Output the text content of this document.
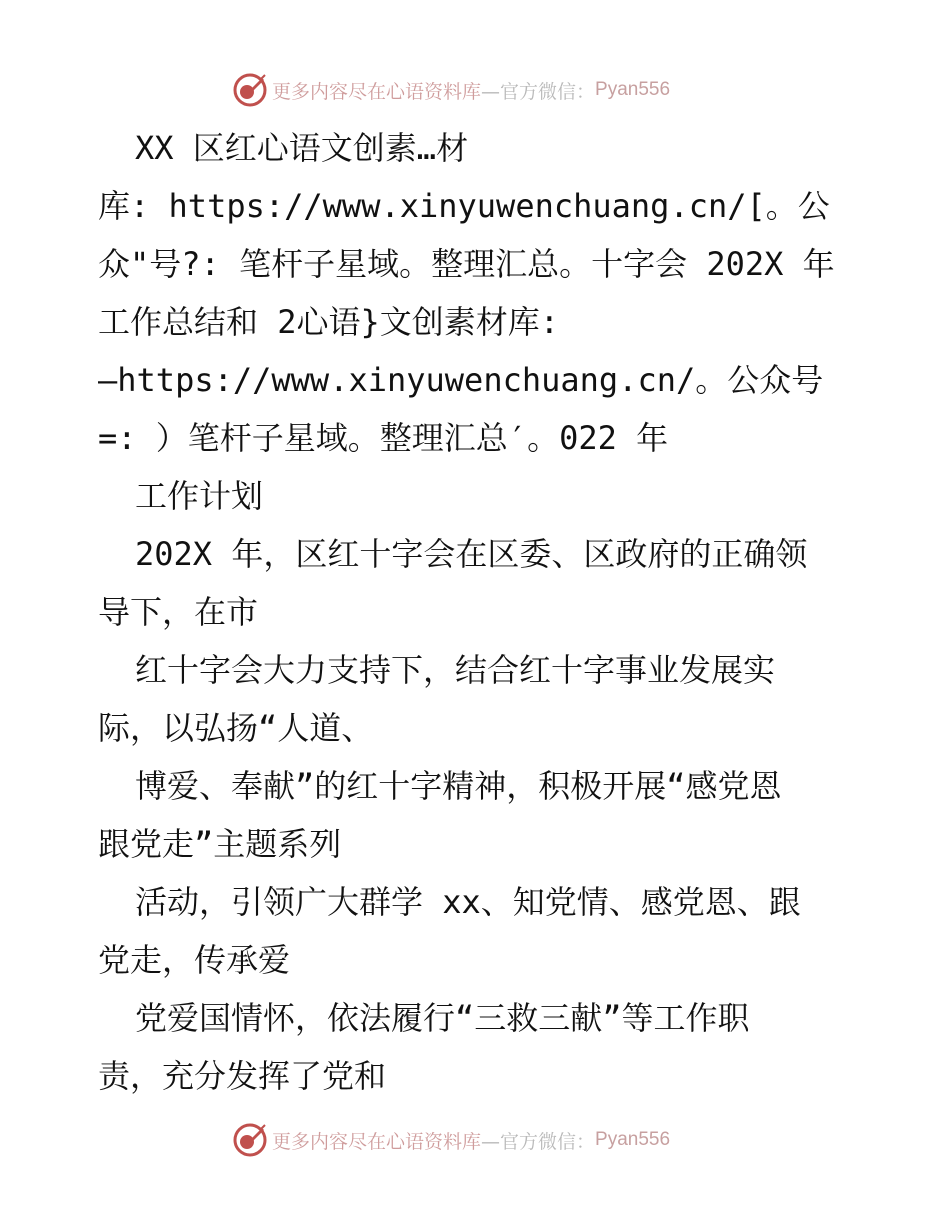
更多内容尽在心语资料库 —官方微信： Pyan556
XX 区红心语文创素…材
库: https://www.xinyuwenchuang.cn/[。公
众"号?: 笔杆子星域。整理汇总。十字会 202X 年
工作总结和 2心语}文创素材库:
—https://www.xinyuwenchuang.cn/。公众号
=: ）笔杆子星域。整理汇总′。022 年
工作计划
202X 年，区红十字会在区委、区政府的正确领
导下，在市
红十字会大力支持下，结合红十字事业发展实
际，以弘扬“人道、
博爱、奉献”的红十字精神，积极开展“感党恩
跟党走”主题系列
活动，引领广大群学 xx、知党情、感党恩、跟
党走，传承爱
党爱国情怀，依法履行“三救三献”等工作职
责，充分发挥了党和
更多内容尽在心语资料库 —官方微信： Pyan556
